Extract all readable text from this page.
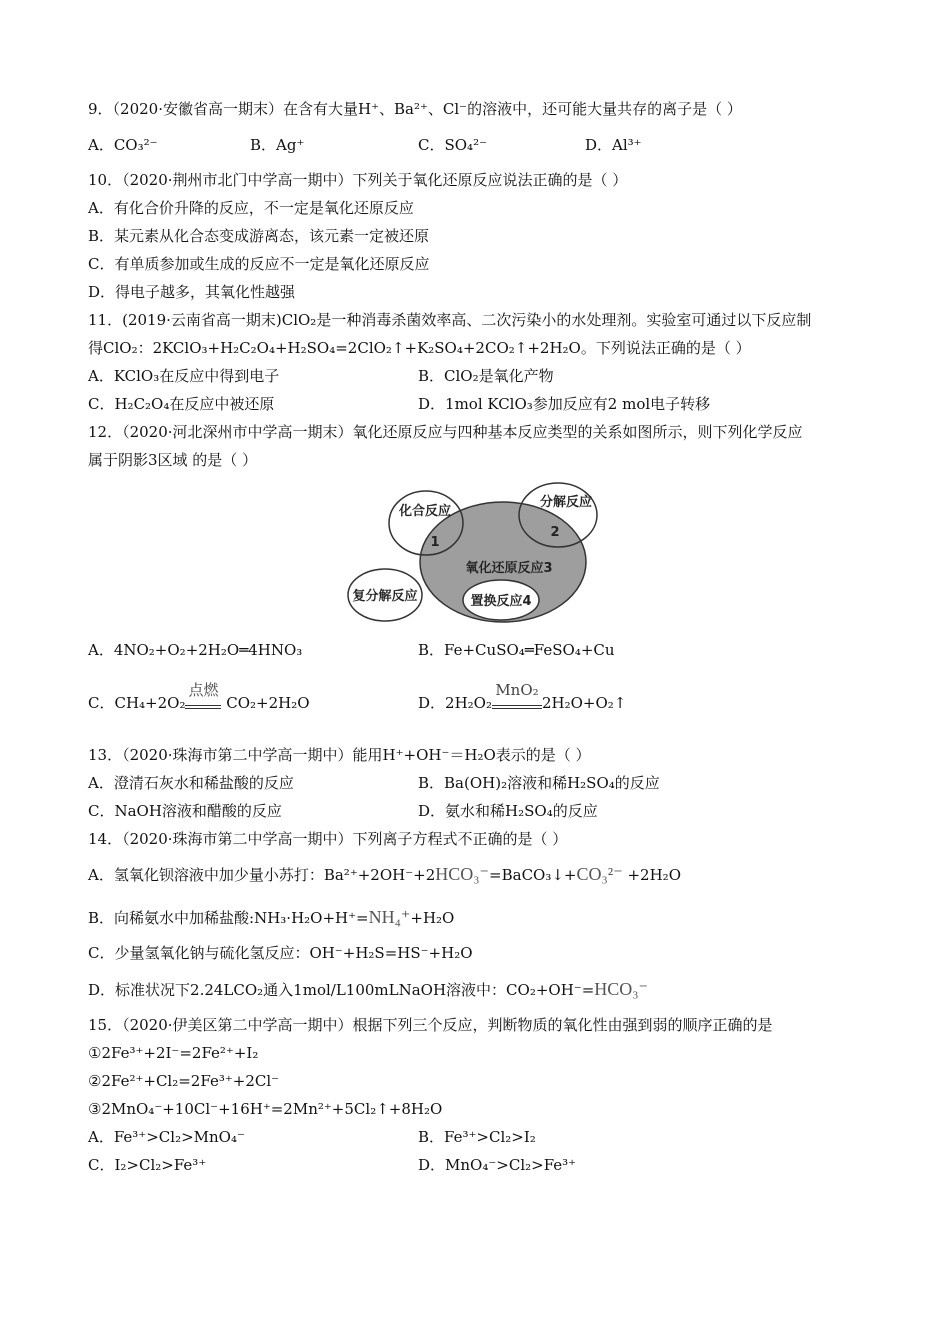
9．（2020·安徽省高一期末）在含有大量H⁺、Ba²⁺、Cl⁻的溶液中，还可能大量共存的离子是（ ）
A．CO₃²⁻	B．Ag⁺	C．SO₄²⁻	D．Al³⁺
10．（2020·荆州市北门中学高一期中）下列关于氧化还原反应说法正确的是（ ）
A．有化合价升降的反应，不一定是氧化还原反应
B．某元素从化合态变成游离态，该元素一定被还原
C．有单质参加或生成的反应不一定是氧化还原反应
D．得电子越多，其氧化性越强
11．(2019·云南省高一期末)ClO₂是一种消毒杀菌效率高、二次污染小的水处理剂。实验室可通过以下反应制
得ClO₂：2KClO₃+H₂C₂O₄+H₂SO₄=2ClO₂↑+K₂SO₄+2CO₂↑+2H₂O。下列说法正确的是（ ）
A．KClO₃在反应中得到电子	B．ClO₂是氧化产物
C．H₂C₂O₄在反应中被还原	D．1mol KClO₃参加反应有2 mol电子转移
12．（2020·河北深州市中学高一期末）氧化还原反应与四种基本反应类型的关系如图所示，则下列化学反应
属于阴影3区域 的是（ ）
化合反应
分解反应
氧化还原反应3
复分解反应	置换反应4
1
2
A．4NO₂+O₂+2H₂O═4HNO₃	B．Fe+CuSO₄═FeSO₄+Cu
C．CH₄+2O₂
点燃
CO₂+2H₂O	D．2H₂O₂
MnO₂
2H₂O+O₂↑
13．（2020·珠海市第二中学高一期中）能用H⁺+OH⁻＝H₂O表示的是（ ）
A．澄清石灰水和稀盐酸的反应	B．Ba(OH)₂溶液和稀H₂SO₄的反应
C．NaOH溶液和醋酸的反应	D．氨水和稀H₂SO₄的反应
14．（2020·珠海市第二中学高一期中）下列离子方程式不正确的是（ ）
A．氢氧化钡溶液中加少量小苏打：Ba²⁺+2OH⁻+2HCO₃⁻=BaCO₃↓+CO₃²⁻ +2H₂O
B．向稀氨水中加稀盐酸:NH₃·H₂O+H⁺=NH₄⁺+H₂O
C．少量氢氧化钠与硫化氢反应：OH⁻+H₂S=HS⁻+H₂O
D．标准状况下2.24LCO₂通入1mol/L100mLNaOH溶液中：CO₂+OH⁻=HCO₃⁻
15．（2020·伊美区第二中学高一期中）根据下列三个反应，判断物质的氧化性由强到弱的顺序正确的是
①2Fe³⁺+2I⁻=2Fe²⁺+I₂
②2Fe²⁺+Cl₂=2Fe³⁺+2Cl⁻
③2MnO₄⁻+10Cl⁻+16H⁺=2Mn²⁺+5Cl₂↑+8H₂O
A．Fe³⁺>Cl₂>MnO₄⁻	B．Fe³⁺>Cl₂>I₂
C．I₂>Cl₂>Fe³⁺	D．MnO₄⁻>Cl₂>Fe³⁺
